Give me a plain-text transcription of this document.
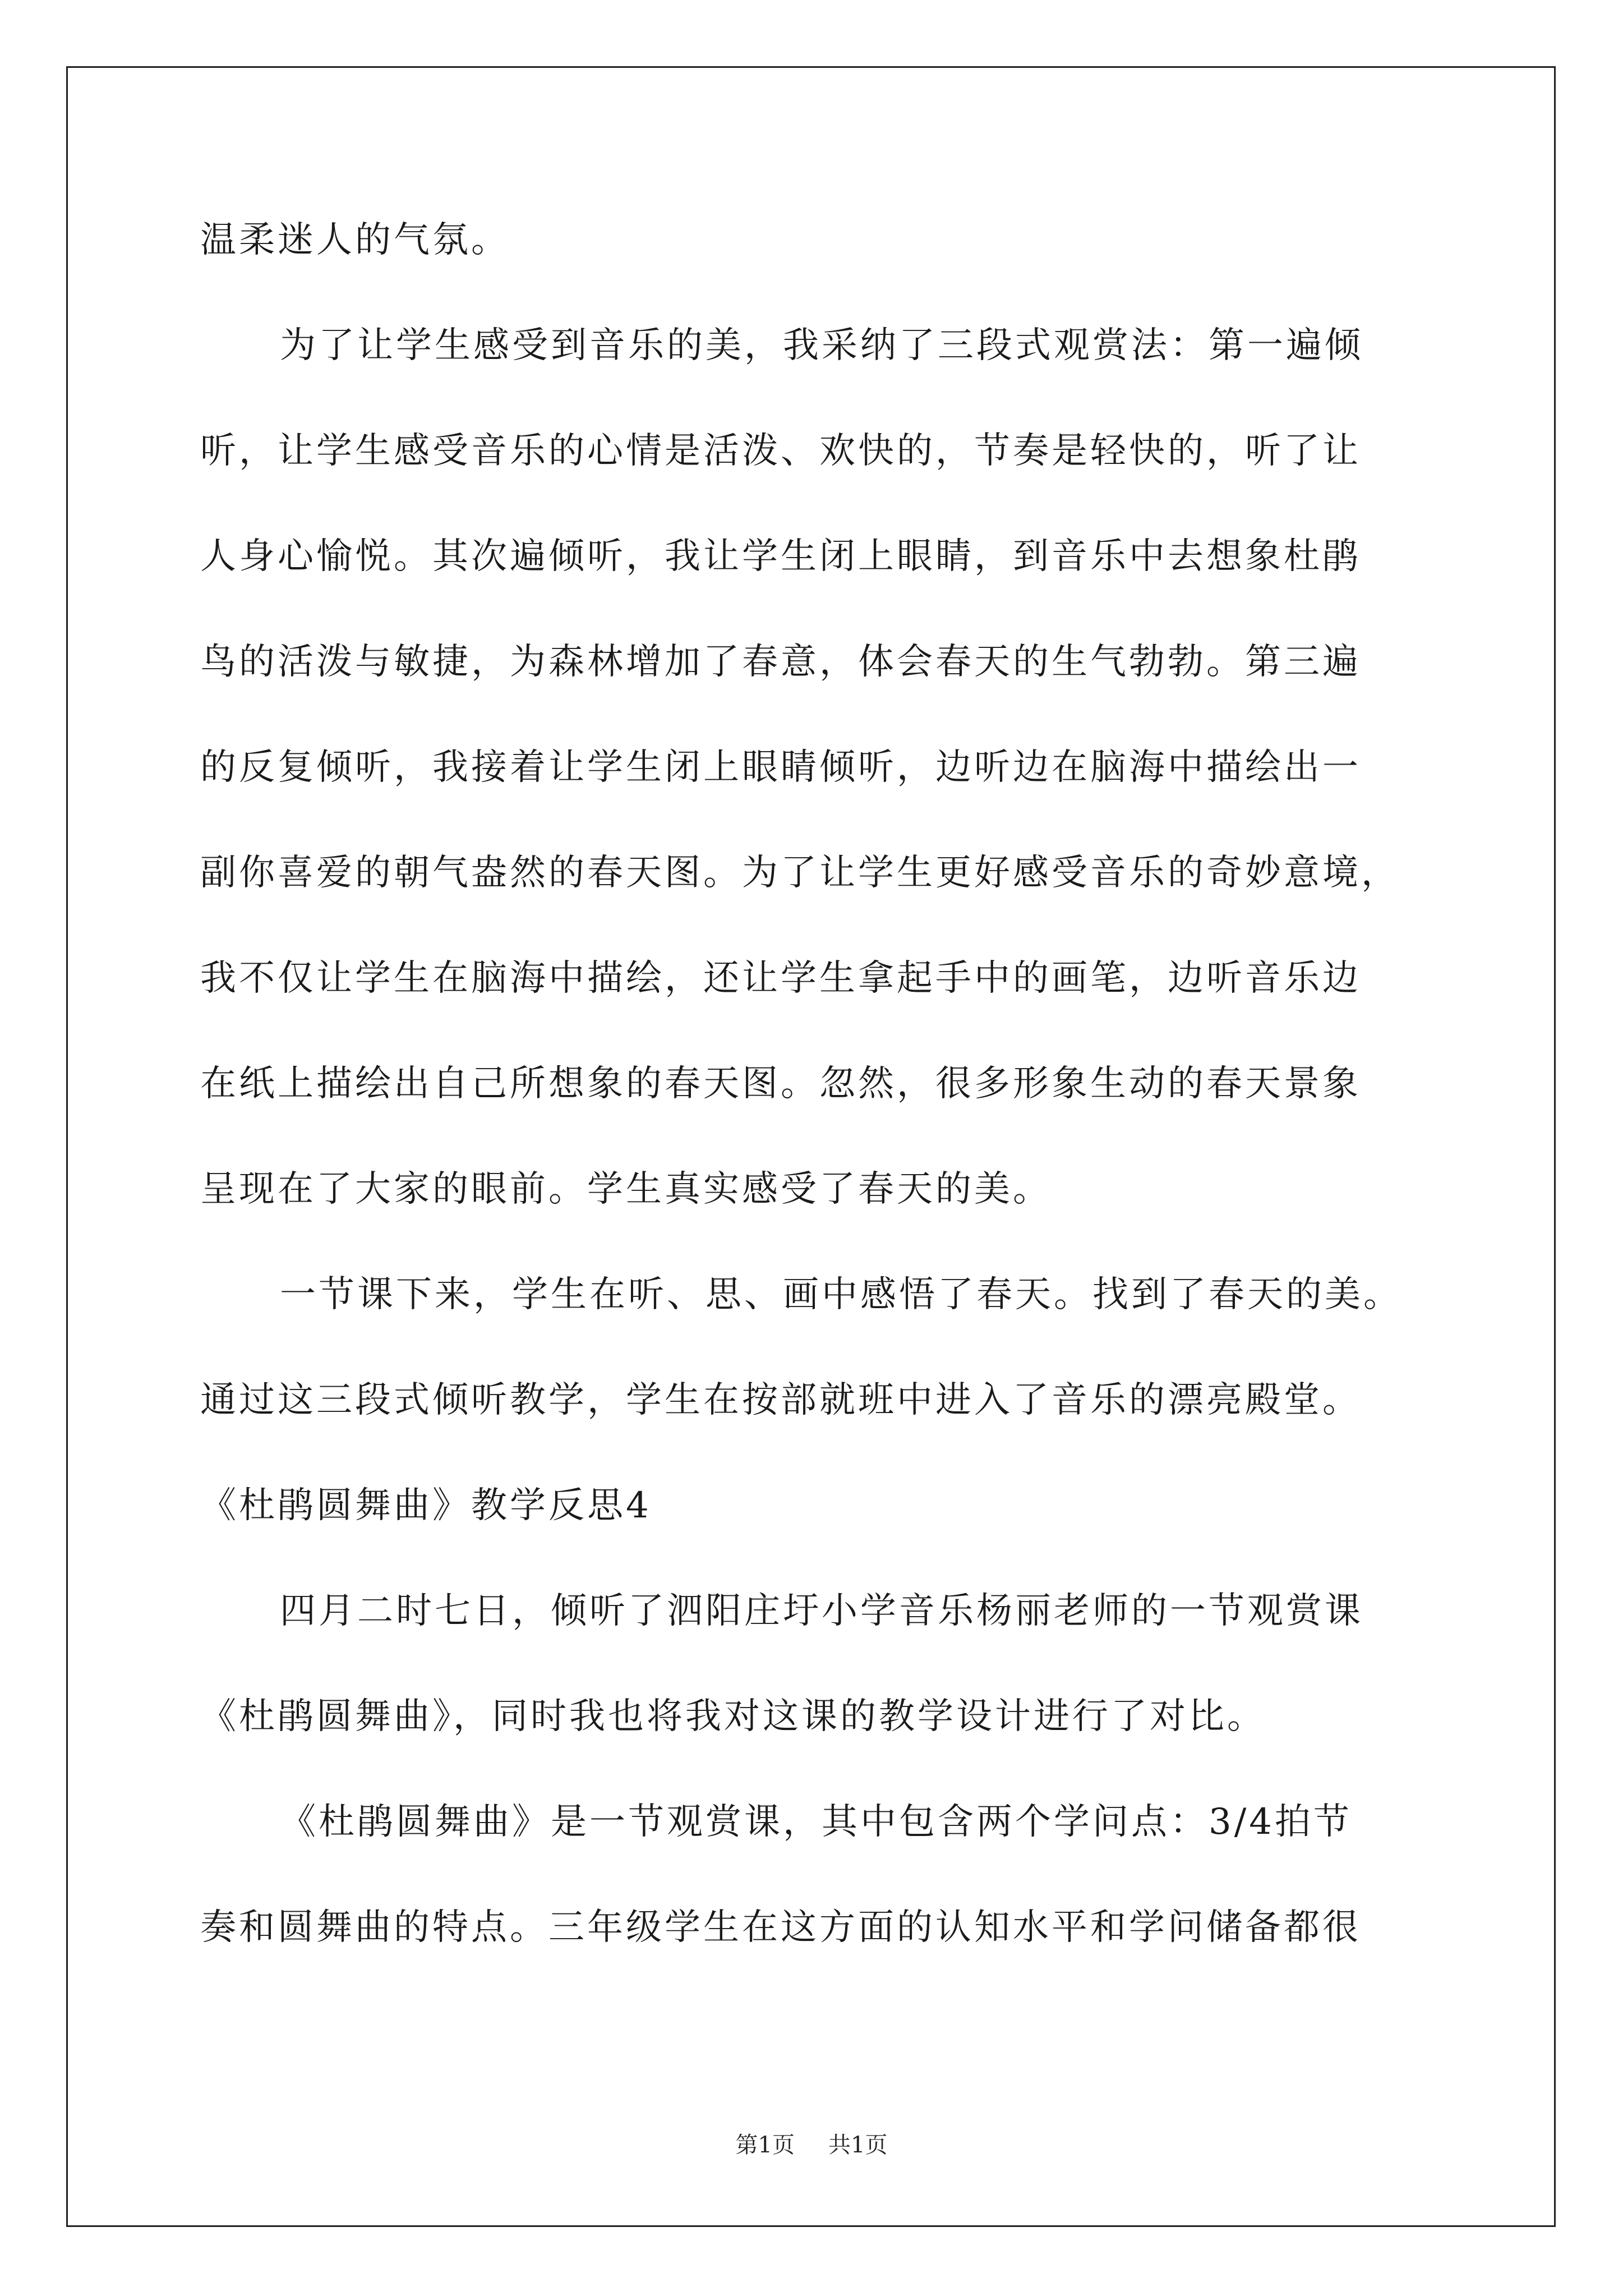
温柔迷人的气氛。
为了让学生感受到音乐的美，我采纳了三段式观赏法：第一遍倾
听，让学生感受音乐的心情是活泼、欢快的，节奏是轻快的，听了让
人身心愉悦。其次遍倾听，我让学生闭上眼睛，到音乐中去想象杜鹃
鸟的活泼与敏捷，为森林增加了春意，体会春天的生气勃勃。第三遍
的反复倾听，我接着让学生闭上眼睛倾听，边听边在脑海中描绘出一
副你喜爱的朝气盎然的春天图。为了让学生更好感受音乐的奇妙意境，
我不仅让学生在脑海中描绘，还让学生拿起手中的画笔，边听音乐边
在纸上描绘出自己所想象的春天图。忽然，很多形象生动的春天景象
呈现在了大家的眼前。学生真实感受了春天的美。
一节课下来，学生在听、思、画中感悟了春天。找到了春天的美。
通过这三段式倾听教学，学生在按部就班中进入了音乐的漂亮殿堂。
《杜鹃圆舞曲》教学反思4
四月二时七日，倾听了泗阳庄圩小学音乐杨丽老师的一节观赏课
《杜鹃圆舞曲》，同时我也将我对这课的教学设计进行了对比。
《杜鹃圆舞曲》是一节观赏课，其中包含两个学问点：3/4拍节
奏和圆舞曲的特点。三年级学生在这方面的认知水平和学问储备都很
第1页 共1页
